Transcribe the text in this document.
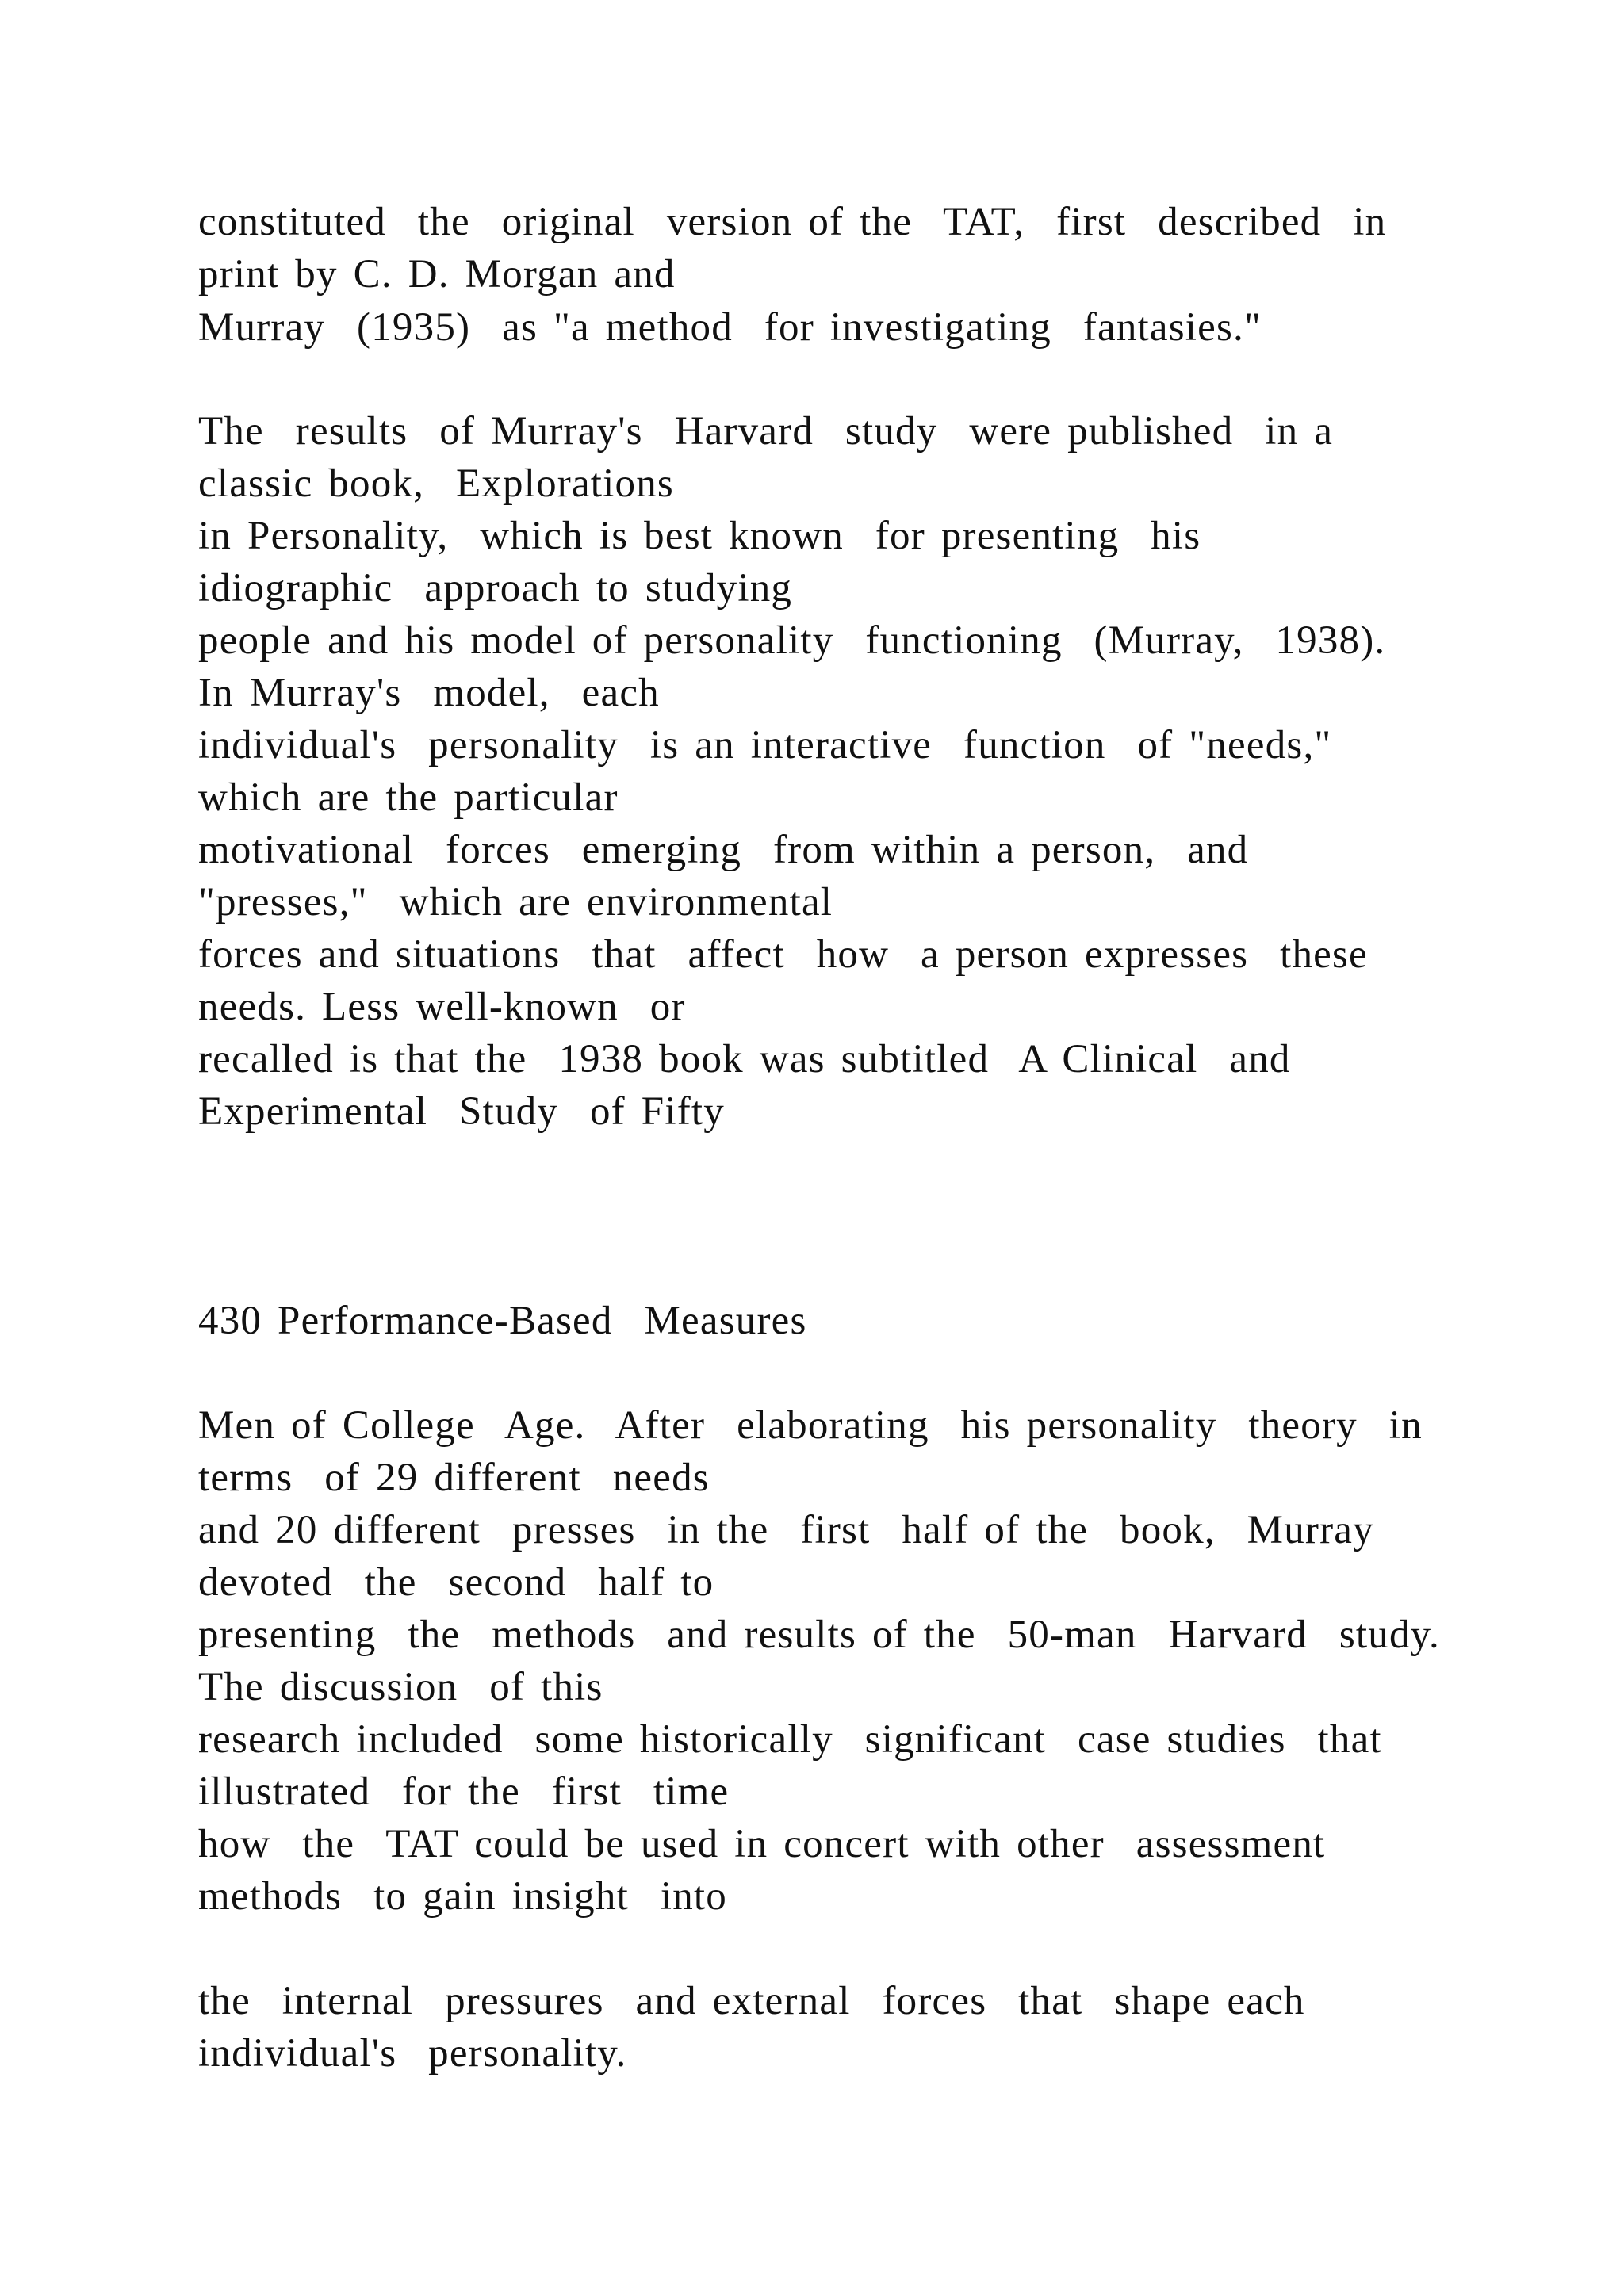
constituted  the  original  version of the  TAT,  first  described  in

print by C. D. Morgan and

Murray  (1935)  as "a method  for investigating  fantasies."

The  results  of Murray's  Harvard  study  were published  in a

classic book,  Explorations

in Personality,  which is best known  for presenting  his

idiographic  approach to studying

people and his model of personality  functioning  (Murray,  1938).

In Murray's  model,  each

individual's  personality  is an interactive  function  of "needs,"

which are the particular

motivational  forces  emerging  from within a person,  and

"presses,"  which are environmental

forces and situations  that  affect  how  a person expresses  these

needs. Less well-known  or

recalled is that the  1938 book was subtitled  A Clinical  and

Experimental  Study  of Fifty

430 Performance-Based  Measures

Men of College  Age.  After  elaborating  his personality  theory  in

terms  of 29 different  needs

and 20 different  presses  in the  first  half of the  book,  Murray

devoted  the  second  half to

presenting  the  methods  and results of the  50-man  Harvard  study.

The discussion  of this

research included  some historically  significant  case studies  that

illustrated  for the  first  time

how  the  TAT could be used in concert with other  assessment

methods  to gain insight  into

the  internal  pressures  and external  forces  that  shape each

individual's  personality.
